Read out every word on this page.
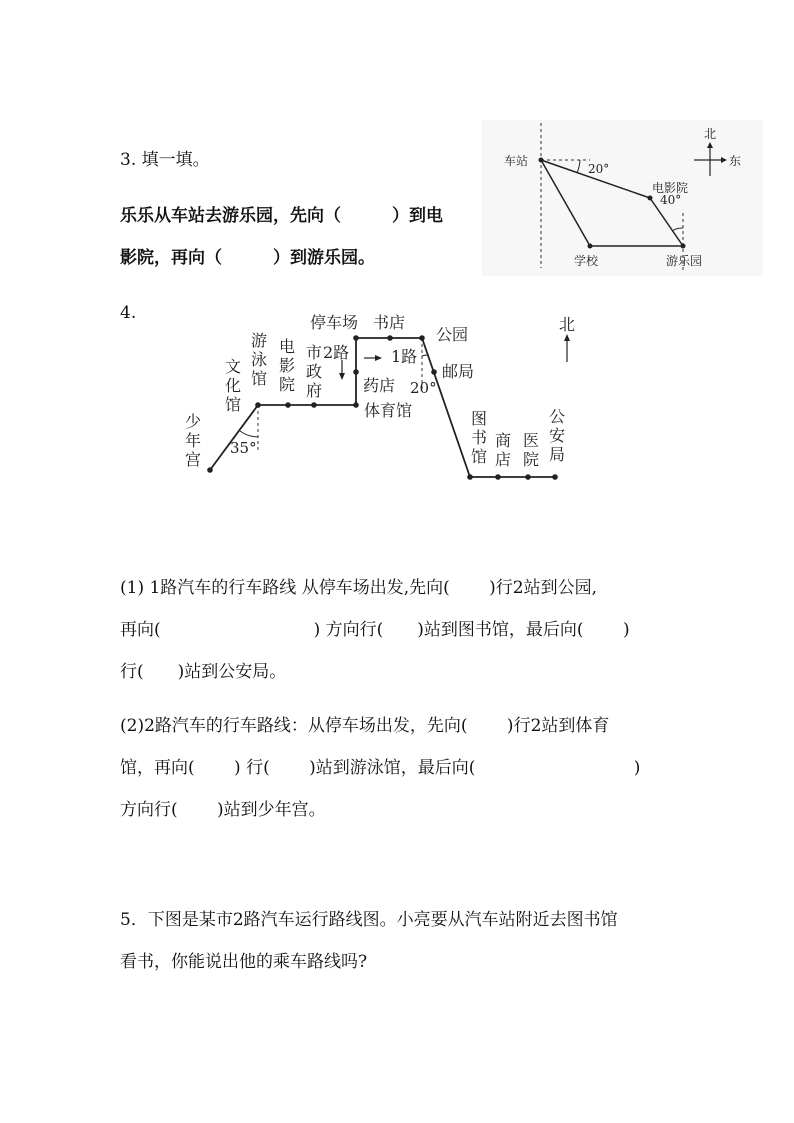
3. 填一填。
乐乐从车站去游乐园，先向（　　　）到电
影院，再向（　　　）到游乐园。
车站
20°
电影院
40°
学校	游乐园
北
东
4.	停车场 书店
公园
邮局
2路	1路
药店
体育馆
20°
35°
北
少年宫
文化馆 游泳馆 电影院 市政府
图书馆 商店 医院 公安局
(1) 1路汽车的行车路线 从停车场出发,先向(　　 )行2站到公园,
再向(　　　　　　　　　) 方向行(　　)站到图书馆，最后向(　　 )
行(　　)站到公安局。
(2)2路汽车的行车路线：从停车场出发，先向(　　 )行2站到体育
馆，再向(　　 ) 行(　　 )站到游泳馆，最后向(　　　　　　　　　 )
方向行(　　 )站到少年宫。
5．下图是某市2路汽车运行路线图。小亮要从汽车站附近去图书馆
看书，你能说出他的乘车路线吗?
